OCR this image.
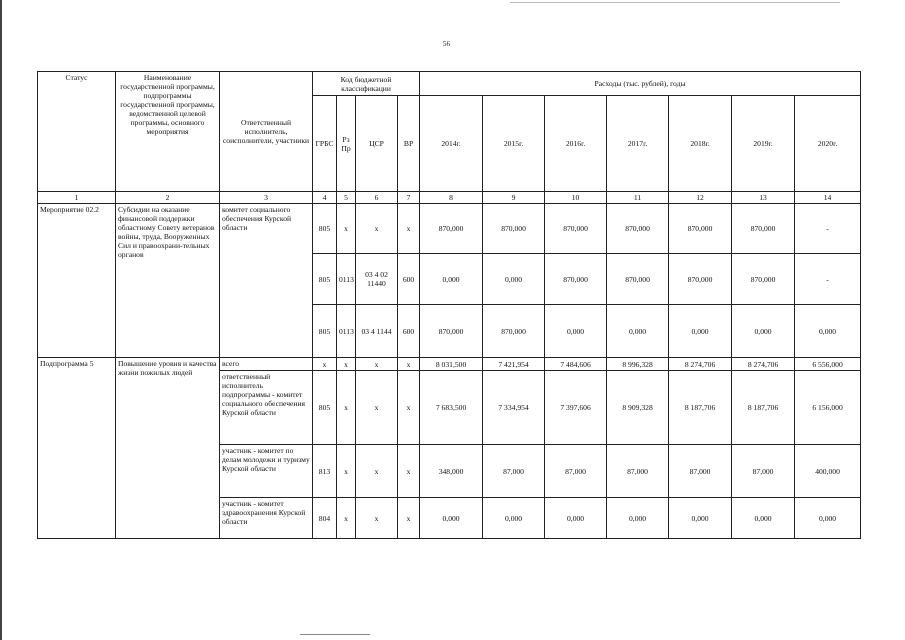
56
Статус	Наименование государственной программы, подпрограммы государственной программы, ведомственной целевой программы, основного мероприятия	Ответственный исполнитель, соисполнители, участники	Код бюджетной классификации				Расходы (тыс. рублей), годы						
			ГРБС	Рз Пр	ЦСР	ВР	2014г.	2015г.	2016г.	2017г.	2018г.	2019г.	2020г.
1	2	3	4	5	6	7	8	9	10	11	12	13	14
Мероприятие 02.2	Субсидии на оказание финансовой поддержки областному Совету ветеранов войны, труда, Вооруженных Сил и правоохрани-тельных органов	комитет социального обеспечения Курской области	805	х	х	х	870,000	870,000	870,000	870,000	870,000	870,000	-
			805	0113	03 4 02 11440	600	0,000	0,000	870,000	870,000	870,000	870,000	-
			805	0113	03 4 1144	600	870,000	870,000	0,000	0,000	0,000	0,000	0,000
Подпрограмма 5	Повышение уровня и качества жизни пожилых людей	всего	х	х	х	х	8 031,500	7 421,954	7 484,606	8 996,328	8 274,706	8 274,706	6 556,000
		ответственный исполнитель подпрограммы - комитет социального обеспечения Курской области	805	х	х	х	7 683,500	7 334,954	7 397,606	8 909,328	8 187,706	8 187,706	6 156,000
		участник - комитет по делам молодежи и туризму Курской области	813	х	х	х	348,000	87,000	87,000	87,000	87,000	87,000	400,000
		участник - комитет здравоохранения Курской области	804	х	х	х	0,000	0,000	0,000	0,000	0,000	0,000	0,000
